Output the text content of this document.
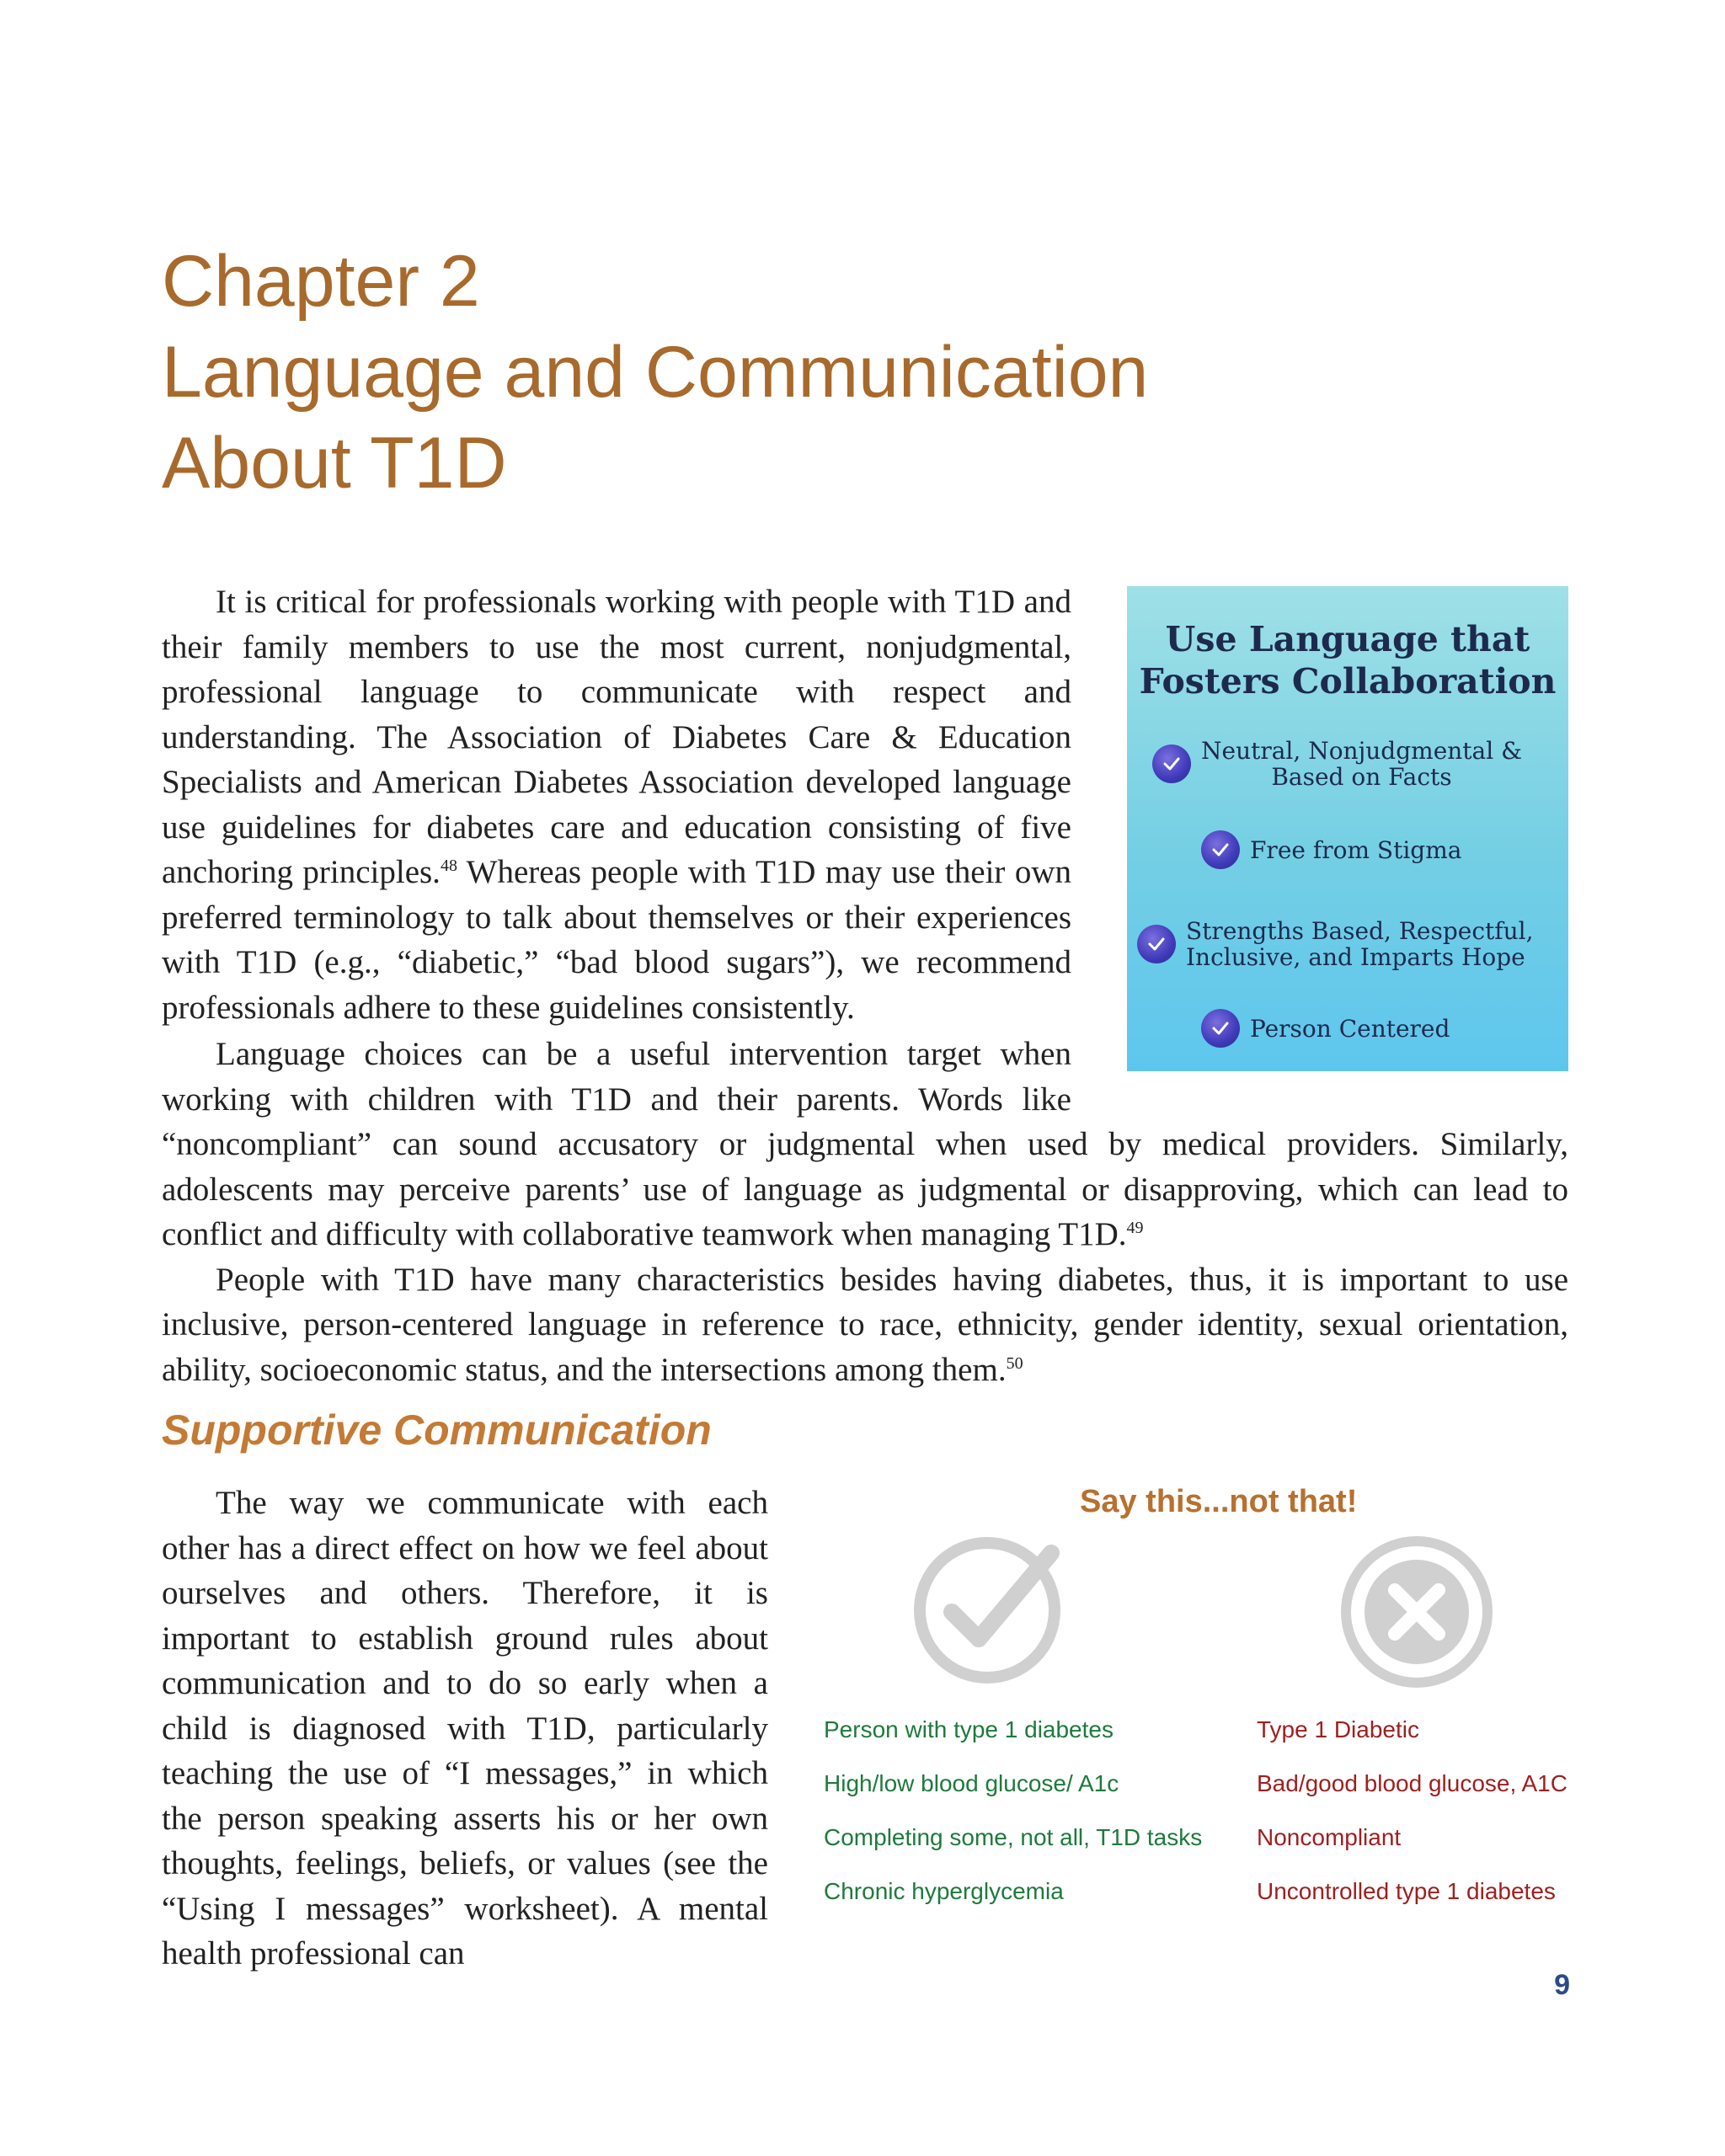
Chapter 2
Language and Communication
About T1D

It is critical for professionals working with people with T1D and their family members to use the most current, nonjudgmental, professional language to communicate with respect and understanding. The Association of Diabetes Care & Education Specialists and American Diabetes Association developed language use guidelines for diabetes care and education consisting of five anchoring principles.$^{48}$ Whereas people with T1D may use their own preferred terminology to talk about themselves or their experiences with T1D (e.g., “diabetic,” “bad blood sugars”), we recommend professionals adhere to these guidelines consistently.

Use Language that
Fosters Collaboration
Neutral, Nonjudgmental &
Based on Facts
Free from Stigma
Strengths Based, Respectful,
Inclusive, and Imparts Hope
Person Centered

Language choices can be a useful intervention target when working with children with T1D and their parents. Words like “noncompliant” can sound accusatory or judgmental when used by medical providers. Similarly, adolescents may perceive parents’ use of language as judgmental or disapproving, which can lead to conflict and difficulty with collaborative teamwork when managing T1D.$^{49}$

People with T1D have many characteristics besides having diabetes, thus, it is important to use inclusive, person-centered language in reference to race, ethnicity, gender identity, sexual orientation, ability, socioeconomic status, and the intersections among them.$^{50}$

Supportive Communication

The way we communicate with each other has a direct effect on how we feel about ourselves and others. Therefore, it is important to establish ground rules about communication and to do so early when a child is diagnosed with T1D, particularly teaching the use of “I messages,” in which the person speaking asserts his or her own thoughts, feelings, beliefs, or values (see the “Using I messages” worksheet). A mental health professional can

Say this...not that!
Person with type 1 diabetes
High/low blood glucose/ A1c
Completing some, not all, T1D tasks
Chronic hyperglycemia
Type 1 Diabetic
Bad/good blood glucose, A1C
Noncompliant
Uncontrolled type 1 diabetes
9
